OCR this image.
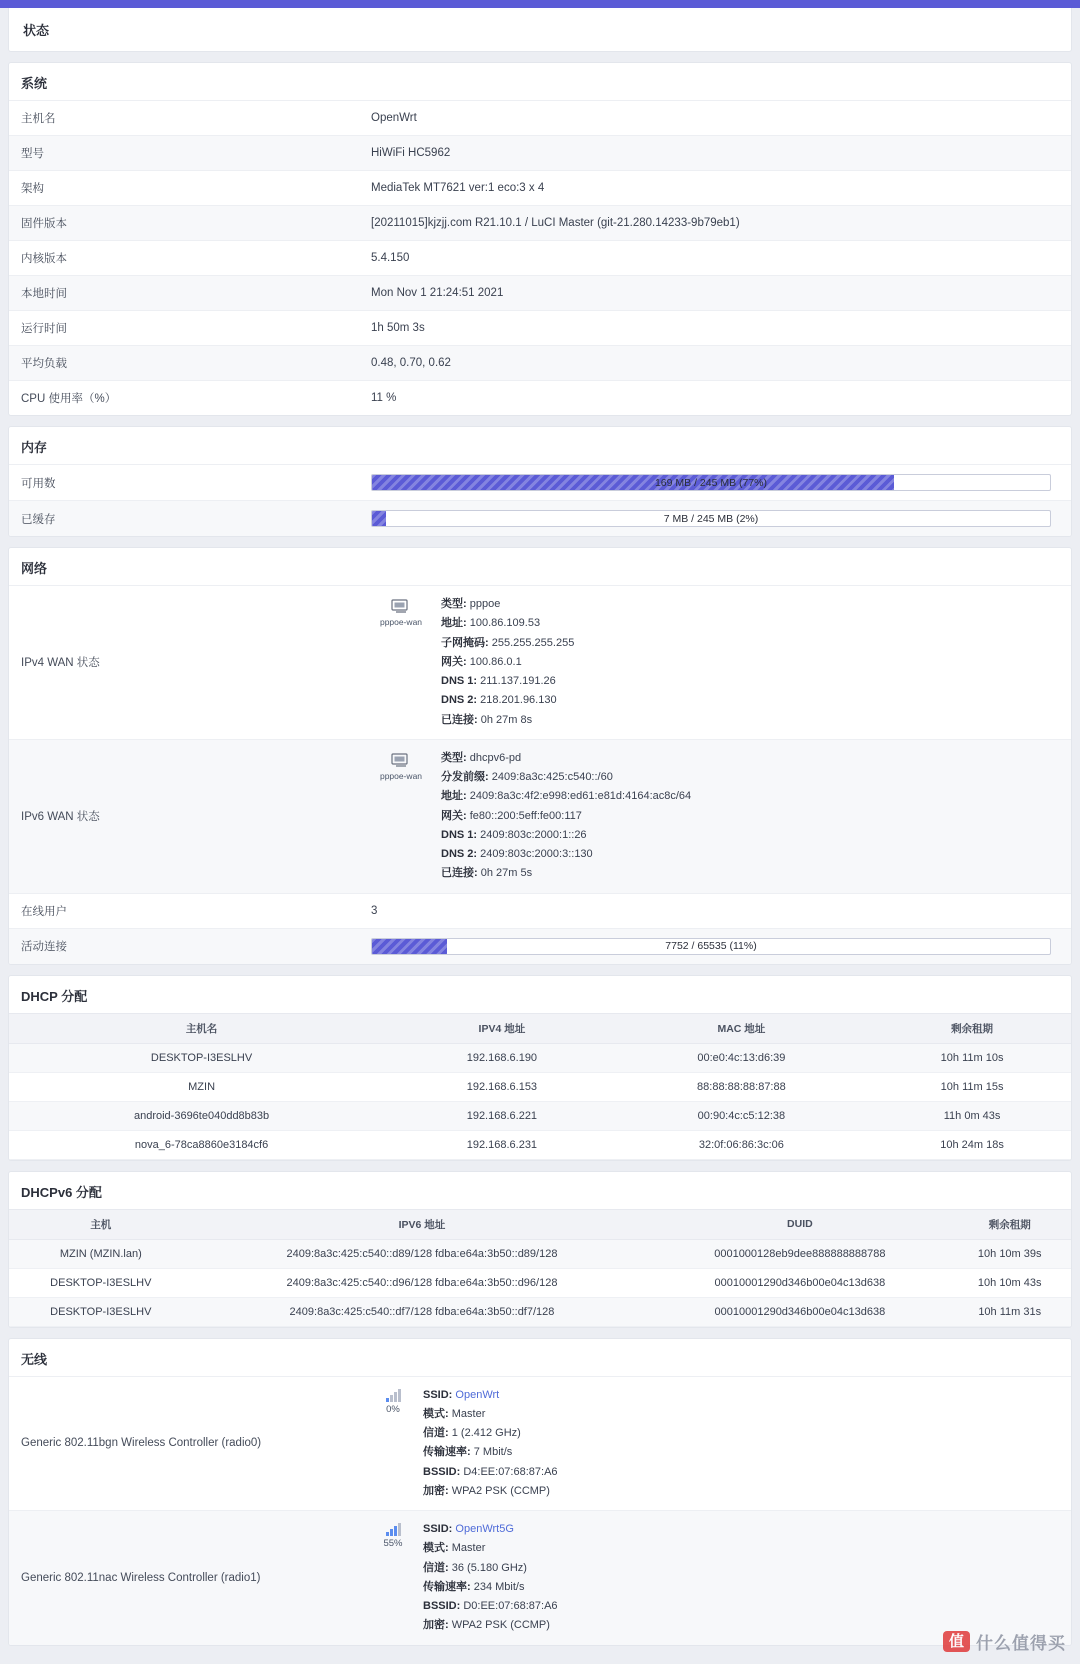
状态
系统
主机名	OpenWrt
型号	HiWiFi HC5962
架构	MediaTek MT7621 ver:1 eco:3 x 4
固件版本	[20211015]kjzjj.com R21.10.1 / LuCI Master (git-21.280.14233-9b79eb1)
内核版本	5.4.150
本地时间	Mon Nov 1 21:24:51 2021
运行时间	1h 50m 3s
平均负载	0.48, 0.70, 0.62
CPU 使用率（%）	11 %
内存
可用数	169 MB / 245 MB (77%)

已缓存	7 MB / 245 MB (2%)
网络
IPv4 WAN 状态	
pppoe-wan
类型: pppoe
地址: 100.86.109.53
子网掩码: 255.255.255.255
网关: 100.86.0.1
DNS 1: 211.137.191.26
DNS 2: 218.201.96.130
已连接: 0h 27m 8s

IPv6 WAN 状态	
pppoe-wan
类型: dhcpv6-pd
分发前缀: 2409:8a3c:425:c540::/60
地址: 2409:8a3c:4f2:e998:ed61:e81d:4164:ac8c/64
网关: fe80::200:5eff:fe00:117
DNS 1: 2409:803c:2000:1::26
DNS 2: 2409:803c:2000:3::130
已连接: 0h 27m 5s

在线用户	3
活动连接	7752 / 65535 (11%)
DHCP 分配
主机名	IPV4 地址	MAC 地址	剩余租期
DESKTOP-I3ESLHV	192.168.6.190	00:e0:4c:13:d6:39	10h 11m 10s
MZIN	192.168.6.153	88:88:88:88:87:88	10h 11m 15s
android-3696te040dd8b83b	192.168.6.221	00:90:4c:c5:12:38	11h 0m 43s
nova_6-78ca8860e3184cf6	192.168.6.231	32:0f:06:86:3c:06	10h 24m 18s
DHCPv6 分配
主机	IPV6 地址	DUID	剩余租期
MZIN (MZIN.lan)	2409:8a3c:425:c540::d89/128 fdba:e64a:3b50::d89/128	0001000128eb9dee888888888788	10h 10m 39s
DESKTOP-I3ESLHV	2409:8a3c:425:c540::d96/128 fdba:e64a:3b50::d96/128	00010001290d346b00e04c13d638	10h 10m 43s
DESKTOP-I3ESLHV	2409:8a3c:425:c540::df7/128 fdba:e64a:3b50::df7/128	00010001290d346b00e04c13d638	10h 11m 31s
无线
Generic 802.11bgn Wireless Controller (radio0)	
0%
SSID: OpenWrt
模式: Master
信道: 1 (2.412 GHz)
传输速率: 7 Mbit/s
BSSID: D4:EE:07:68:87:A6
加密: WPA2 PSK (CCMP)

Generic 802.11nac Wireless Controller (radio1)	
55%
SSID: OpenWrt5G
模式: Master
信道: 36 (5.180 GHz)
传输速率: 234 Mbit/s
BSSID: D0:EE:07:68:87:A6
加密: WPA2 PSK (CCMP)
值 什么值得买
